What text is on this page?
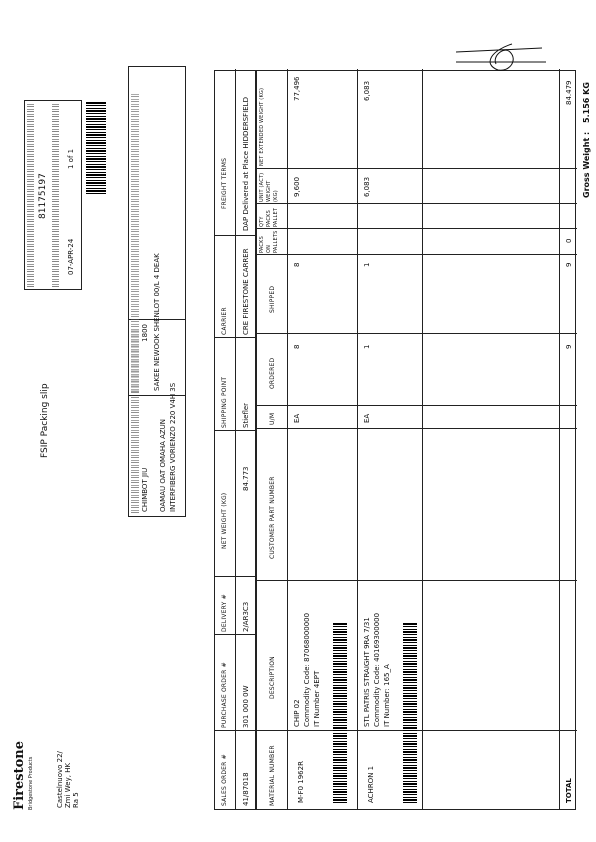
Firestone Bridgestone Products	Castelnuovo 22/ Zmi Wey, HK Ra 5
FSIP Packing slip
1800
CHIMBOT JIU OAMAU OAT OMAHA AZUN INTERFIBERG VORIENZO 220 V4H 3S
SAKEE NEWOOK SHENLOT 00/L 4 DEAK
81175197
07-APR-24
1 of 1
SALES ORDER #
PURCHASE ORDER #
DELIVERY #
NET WEIGHT (KG)
SHIPPING POINT
CARRIER
FREIGHT TERMS
41/87018
301 000 0W
2/AR3C3
84.773
Stiefler
CRE FIRESTONE CARRER
DAP Delivered at Place HIDDERSFIELD
MATERIAL NUMBER
DESCRIPTION
CUSTOMER PART NUMBER
U/M
ORDERED
SHIPPED
PACKS ON PALLETS
QTY PACKS PALLET
UNIT (ACT) WEIGHT (KG)
NET EXTENDED WEIGHT (KG)
M-F0 1962R
CHIP 02 Commodity Code: 87068000000 IT Number 4EPT
EA
8
8
9,600
77,496
ACHRON 1
STL PATRIS STRAIGHT 9RA 7/31 Commodity Code: 40169300000 IT Number: 165_A
EA
1
1
6,083
6,083
TOTAL
9
9
0
84.479
Gross Weight : 5.156 KG
